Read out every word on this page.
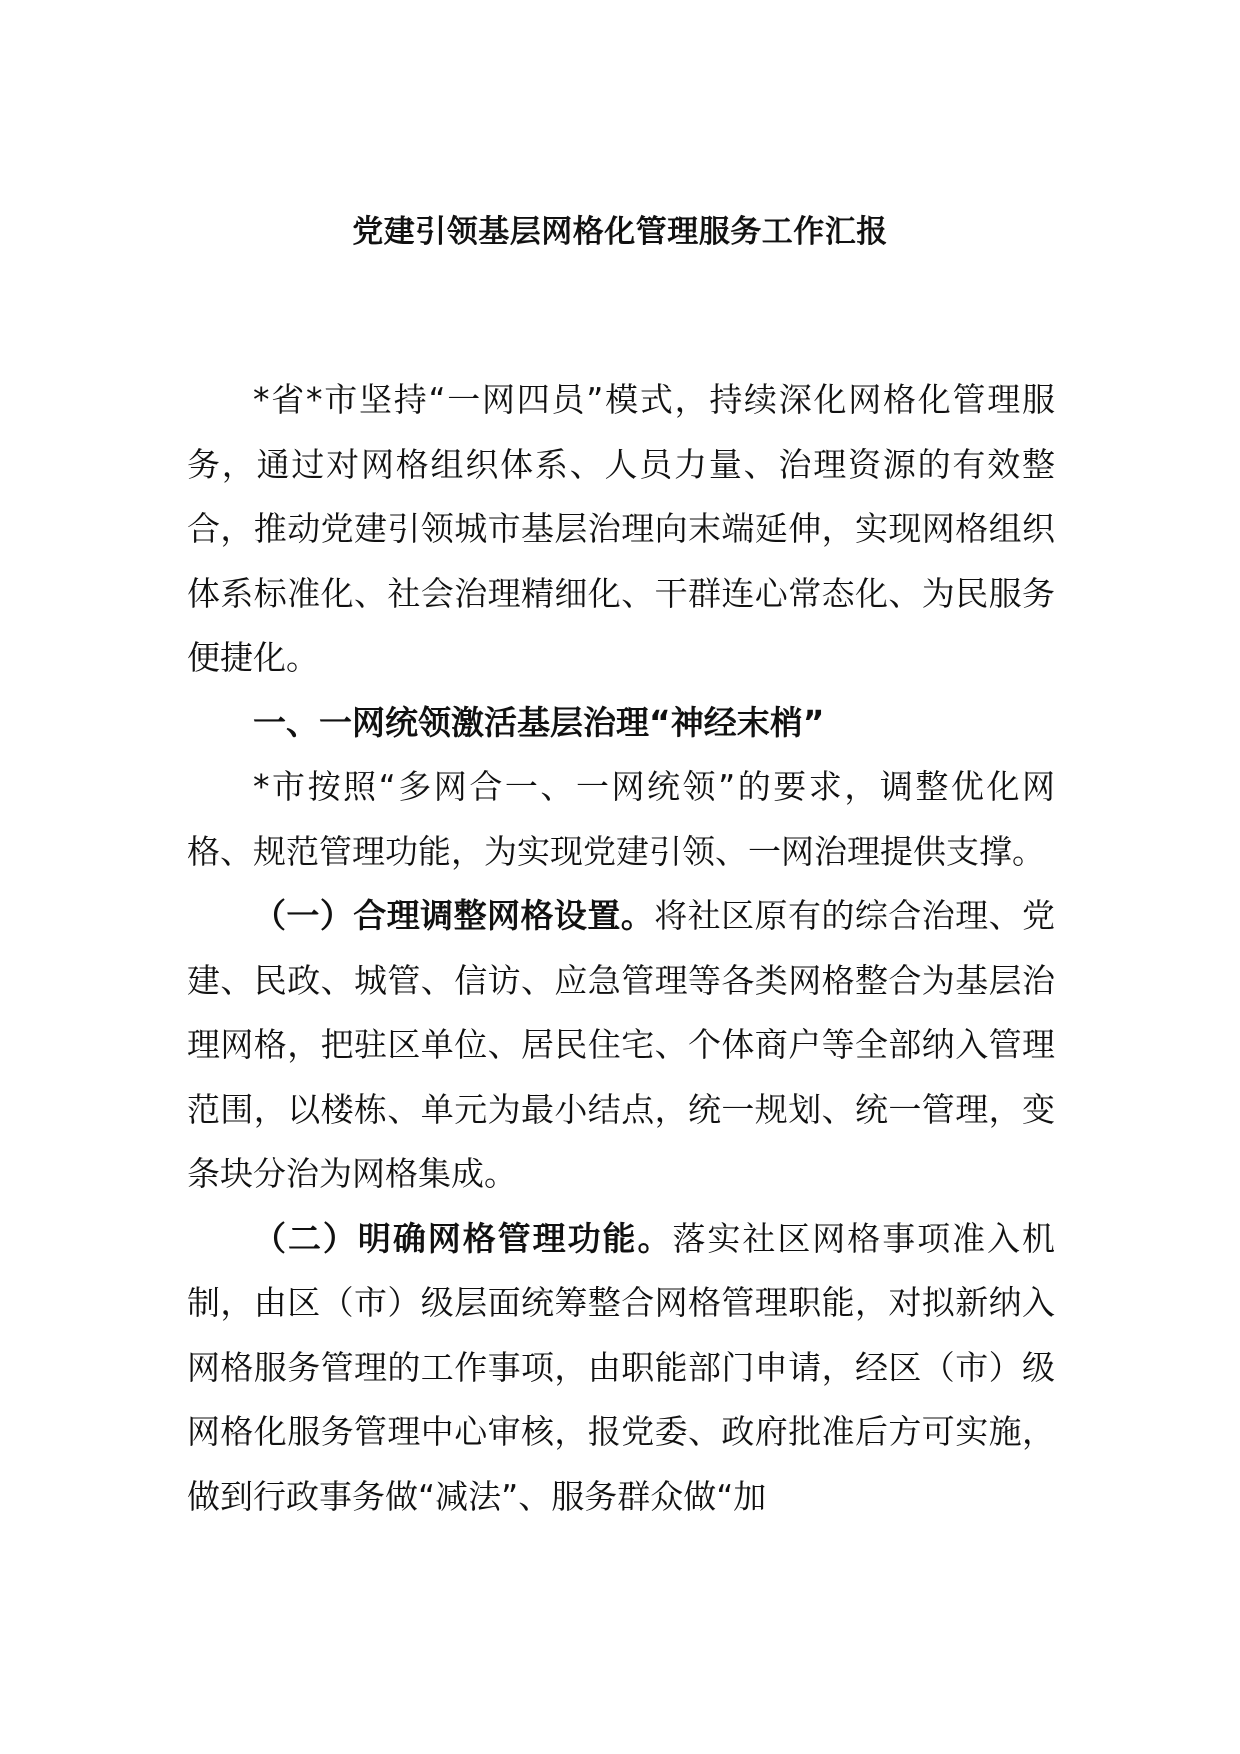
党建引领基层网格化管理服务工作汇报

*省*市坚持“一网四员”模式，持续深化网格化管理服务，通过对网格组织体系、人员力量、治理资源的有效整合，推动党建引领城市基层治理向末端延伸，实现网格组织体系标准化、社会治理精细化、干群连心常态化、为民服务便捷化。

一、一网统领激活基层治理“神经末梢”

*市按照“多网合一、一网统领”的要求，调整优化网格、规范管理功能，为实现党建引领、一网治理提供支撑。

（一）合理调整网格设置。将社区原有的综合治理、党建、民政、城管、信访、应急管理等各类网格整合为基层治理网格，把驻区单位、居民住宅、个体商户等全部纳入管理范围，以楼栋、单元为最小结点，统一规划、统一管理，变条块分治为网格集成。

（二）明确网格管理功能。落实社区网格事项准入机制，由区（市）级层面统筹整合网格管理职能，对拟新纳入网格服务管理的工作事项，由职能部门申请，经区（市）级网格化服务管理中心审核，报党委、政府批准后方可实施，做到行政事务做“减法”、服务群众做“加
